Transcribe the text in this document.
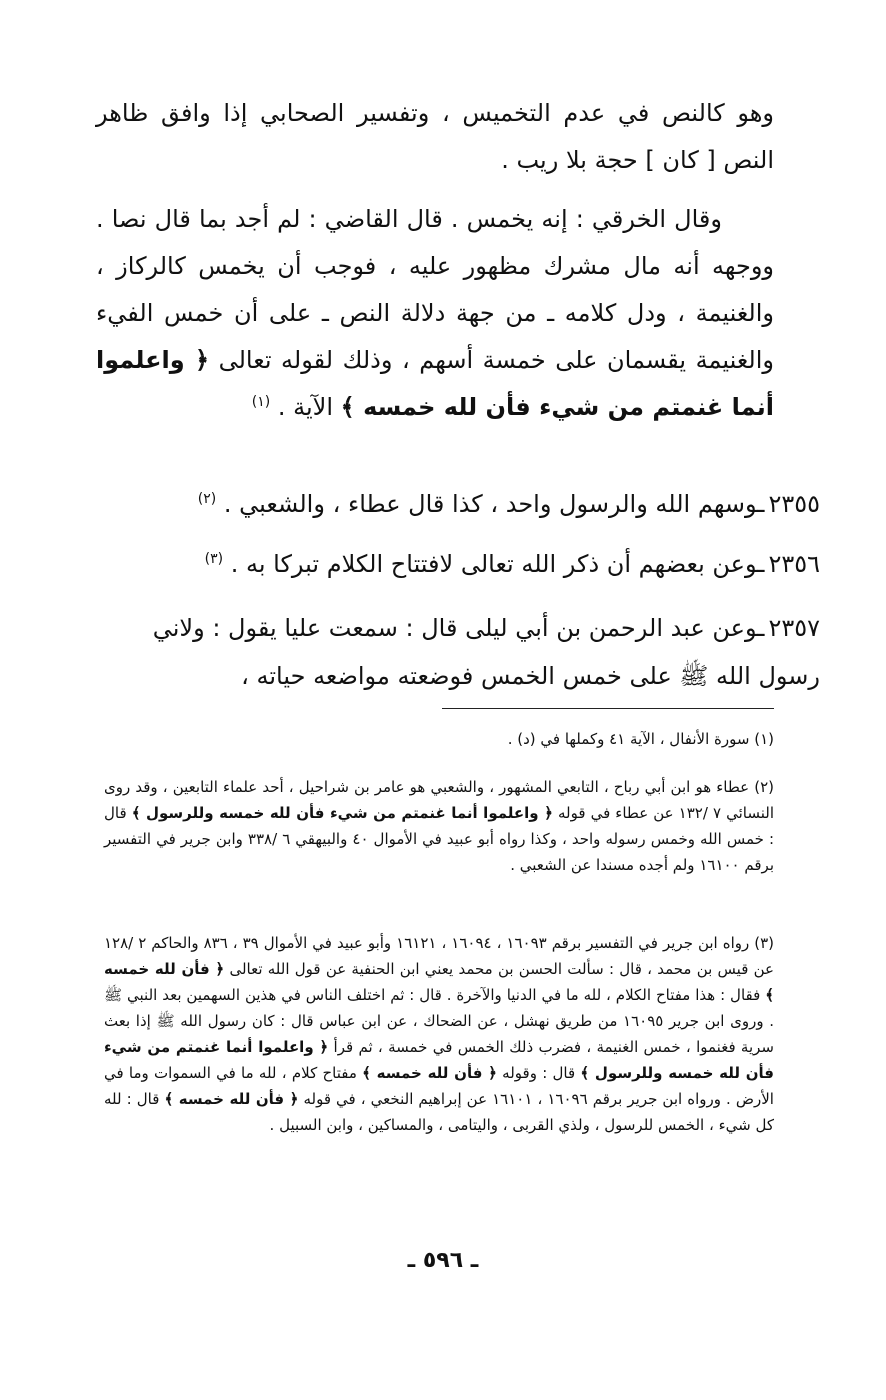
وهو كالنص في عدم التخميس ، وتفسير الصحابي إذا وافق ظاهر النص [ كان ] حجة بلا ريب .

وقال الخرقي : إنه يخمس . قال القاضي : لم أجد بما قال نصا . ووجهه أنه مال مشرك مظهور عليه ، فوجب أن يخمس كالركاز ، والغنيمة ، ودل كلامه ـ من جهة دلالة النص ـ على أن خمس الفيء والغنيمة يقسمان على خمسة أسهم ، وذلك لقوله تعالى ﴿ واعلموا أنما غنمتم من شيء فأن لله خمسه ﴾ الآية . $^{(١)}$

٢٣٥٥ـوسهم الله والرسول واحد ، كذا قال عطاء ، والشعبي . $^{(٢)}$
٢٣٥٦ـوعن بعضهم أن ذكر الله تعالى لافتتاح الكلام تبركا به . $^{(٣)}$
٢٣٥٧ـوعن عبد الرحمن بن أبي ليلى قال : سمعت عليا يقول : ولاني رسول الله ﷺ على خمس الخمس فوضعته مواضعه حياته ،

(١) سورة الأنفال ، الآية ٤١ وكملها في (د) .

(٢) عطاء هو ابن أبي رباح ، التابعي المشهور ، والشعبي هو عامر بن شراحيل ، أحد علماء التابعين ، وقد روى النسائي ٧ /١٣٢ عن عطاء في قوله ﴿ واعلموا أنما غنمتم من شيء فأن لله خمسه وللرسول ﴾ قال : خمس الله وخمس رسوله واحد ، وكذا رواه أبو عبيد في الأموال ٤٠ والبيهقي ٦ /٣٣٨ وابن جرير في التفسير برقم ١٦١٠٠ ولم أجده مسندا عن الشعبي .

(٣) رواه ابن جرير في التفسير برقم ١٦٠٩٣ ، ١٦٠٩٤ ، ١٦١٢١ وأبو عبيد في الأموال ٣٩ ، ٨٣٦ والحاكم ٢ /١٢٨ عن قيس بن محمد ، قال : سألت الحسن بن محمد يعني ابن الحنفية عن قول الله تعالى ﴿ فأن لله خمسه ﴾ فقال : هذا مفتاح الكلام ، لله ما في الدنيا والآخرة . قال : ثم اختلف الناس في هذين السهمين بعد النبي ﷺ . وروى ابن جرير ١٦٠٩٥ من طريق نهشل ، عن الضحاك ، عن ابن عباس قال : كان رسول الله ﷺ إذا بعث سرية فغنموا ، خمس الغنيمة ، فضرب ذلك الخمس في خمسة ، ثم قرأ ﴿ واعلموا أنما غنمتم من شيء فأن لله خمسه وللرسول ﴾ قال : وقوله ﴿ فأن لله خمسه ﴾ مفتاح كلام ، لله ما في السموات وما في الأرض . ورواه ابن جرير برقم ١٦٠٩٦ ، ١٦١٠١ عن إبراهيم النخعي ، في قوله ﴿ فأن لله خمسه ﴾ قال : لله كل شيء ، الخمس للرسول ، ولذي القربى ، واليتامى ، والمساكين ، وابن السبيل .

ـ ٥٩٦ ـ
